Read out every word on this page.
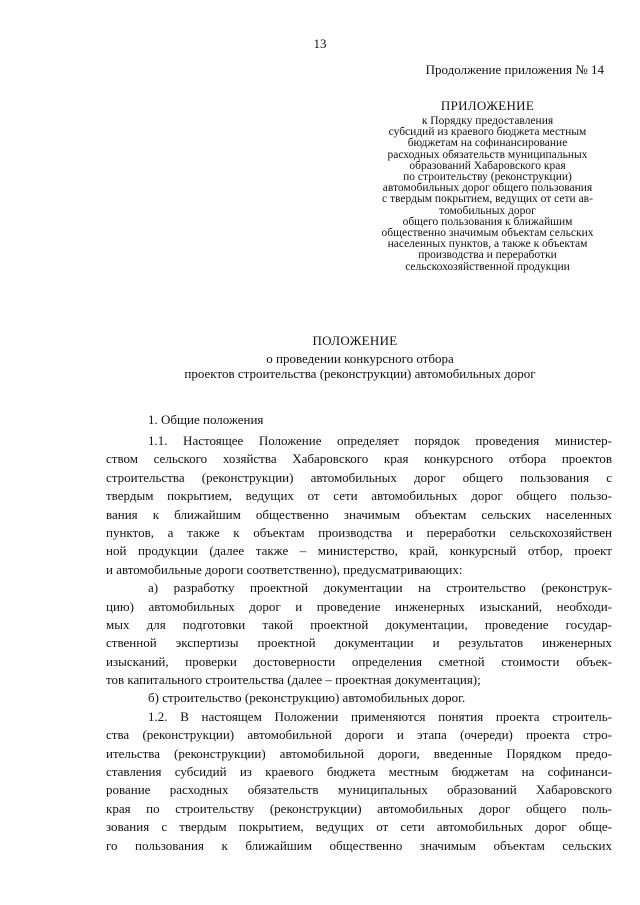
13
Продолжение приложения № 14
ПРИЛОЖЕНИЕ
к Порядку предоставления
субсидий из краевого бюджета местным
бюджетам на софинансирование
расходных обязательств муниципальных
образований Хабаровского края
по строительству (реконструкции)
автомобильных дорог общего пользования
с твердым покрытием, ведущих от сети ав-
томобильных дорог
общего пользования к ближайшим
общественно значимым объектам сельских
населенных пунктов, а также к объектам
производства и переработки
сельскохозяйственной продукции
ПОЛОЖЕНИЕ
о проведении конкурсного отбора
проектов строительства (реконструкции) автомобильных дорог
1. Общие положения
1.1. Настоящее Положение определяет порядок проведения министер-
ством сельского хозяйства Хабаровского края конкурсного отбора проектов
строительства (реконструкции) автомобильных дорог общего пользования с
твердым покрытием, ведущих от сети автомобильных дорог общего пользо-
вания к ближайшим общественно значимым объектам сельских населенных
пунктов, а также к объектам производства и переработки сельскохозяйствен
ной продукции (далее также – министерство, край, конкурсный отбор, проект
и автомобильные дороги соответственно), предусматривающих:
а) разработку проектной документации на строительство (реконструк-
цию) автомобильных дорог и проведение инженерных изысканий, необходи-
мых для подготовки такой проектной документации, проведение государ-
ственной экспертизы проектной документации и результатов инженерных
изысканий, проверки достоверности определения сметной стоимости объек-
тов капитального строительства (далее – проектная документация);
б) строительство (реконструкцию) автомобильных дорог.
1.2. В настоящем Положении применяются понятия проекта строитель-
ства (реконструкции) автомобильной дороги и этапа (очереди) проекта стро-
ительства (реконструкции) автомобильной дороги, введенные Порядком предо-
ставления субсидий из краевого бюджета местным бюджетам на софинанси-
рование расходных обязательств муниципальных образований Хабаровского
края по строительству (реконструкции) автомобильных дорог общего поль-
зования с твердым покрытием, ведущих от сети автомобильных дорог обще-
го пользования к ближайшим общественно значимым объектам сельских
